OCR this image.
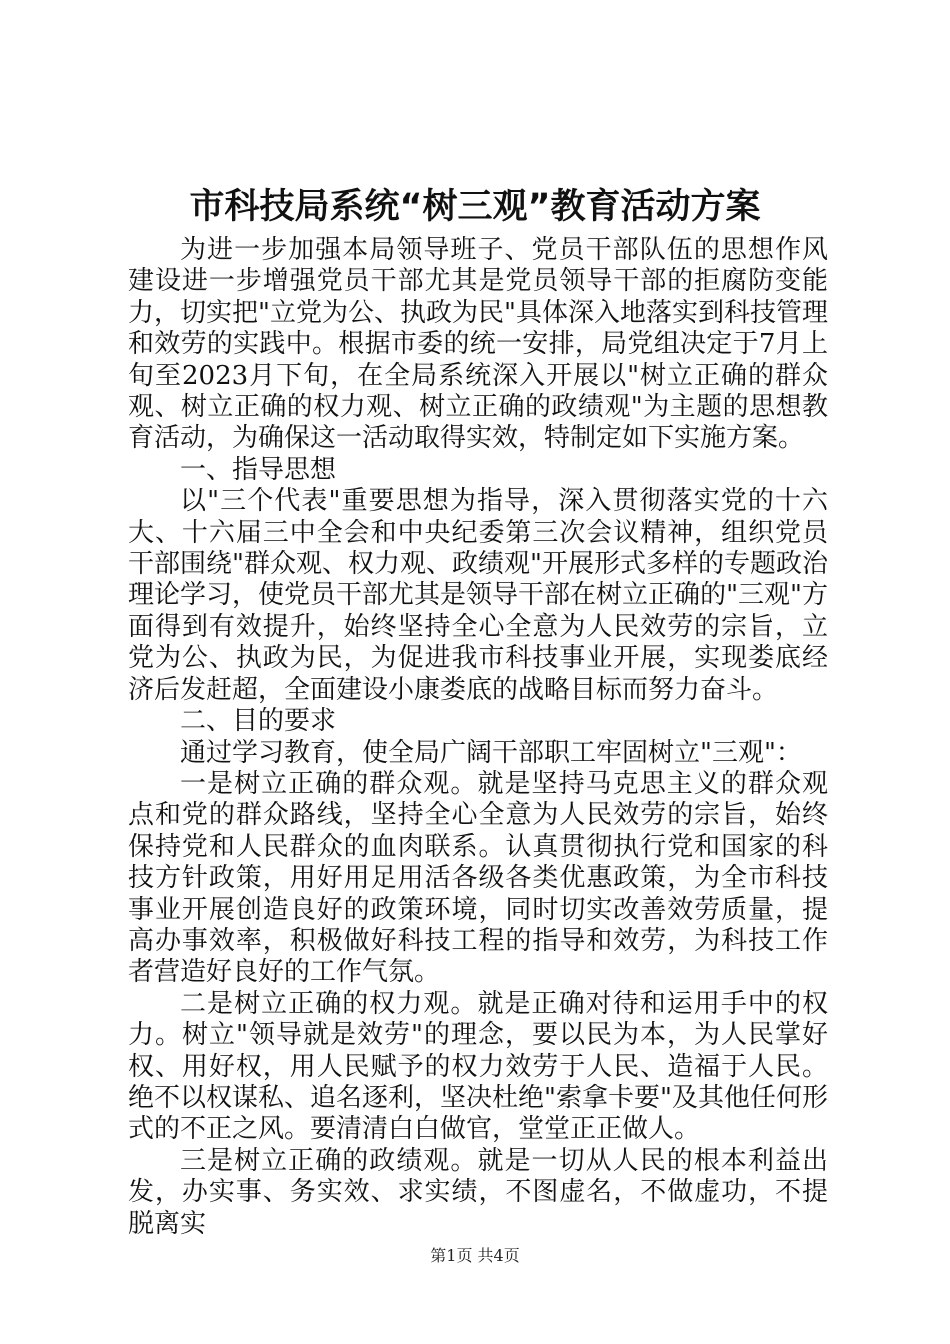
市科技局系统“树三观”教育活动方案

为进一步加强本局领导班子、党员干部队伍的思想作风建设进一步增强党员干部尤其是党员领导干部的拒腐防变能力，切实把"立党为公、执政为民"具体深入地落实到科技管理和效劳的实践中。根据市委的统一安排，局党组决定于7月上旬至2023月下旬，在全局系统深入开展以"树立正确的群众观、树立正确的权力观、树立正确的政绩观"为主题的思想教育活动，为确保这一活动取得实效，特制定如下实施方案。

一、指导思想

以"三个代表"重要思想为指导，深入贯彻落实党的十六大、十六届三中全会和中央纪委第三次会议精神，组织党员干部围绕"群众观、权力观、政绩观"开展形式多样的专题政治理论学习，使党员干部尤其是领导干部在树立正确的"三观"方面得到有效提升，始终坚持全心全意为人民效劳的宗旨，立党为公、执政为民，为促进我市科技事业开展，实现娄底经济后发赶超，全面建设小康娄底的战略目标而努力奋斗。

二、目的要求

通过学习教育，使全局广阔干部职工牢固树立"三观"：

一是树立正确的群众观。就是坚持马克思主义的群众观点和党的群众路线，坚持全心全意为人民效劳的宗旨，始终保持党和人民群众的血肉联系。认真贯彻执行党和国家的科技方针政策，用好用足用活各级各类优惠政策，为全市科技事业开展创造良好的政策环境，同时切实改善效劳质量，提高办事效率，积极做好科技工程的指导和效劳，为科技工作者营造好良好的工作气氛。

二是树立正确的权力观。就是正确对待和运用手中的权力。树立"领导就是效劳"的理念，要以民为本，为人民掌好权、用好权，用人民赋予的权力效劳于人民、造福于人民。绝不以权谋私、追名逐利，坚决杜绝"索拿卡要"及其他任何形式的不正之风。要清清白白做官，堂堂正正做人。

三是树立正确的政绩观。就是一切从人民的根本利益出发，办实事、务实效、求实绩，不图虚名，不做虚功，不提脱离实

第1页 共4页
